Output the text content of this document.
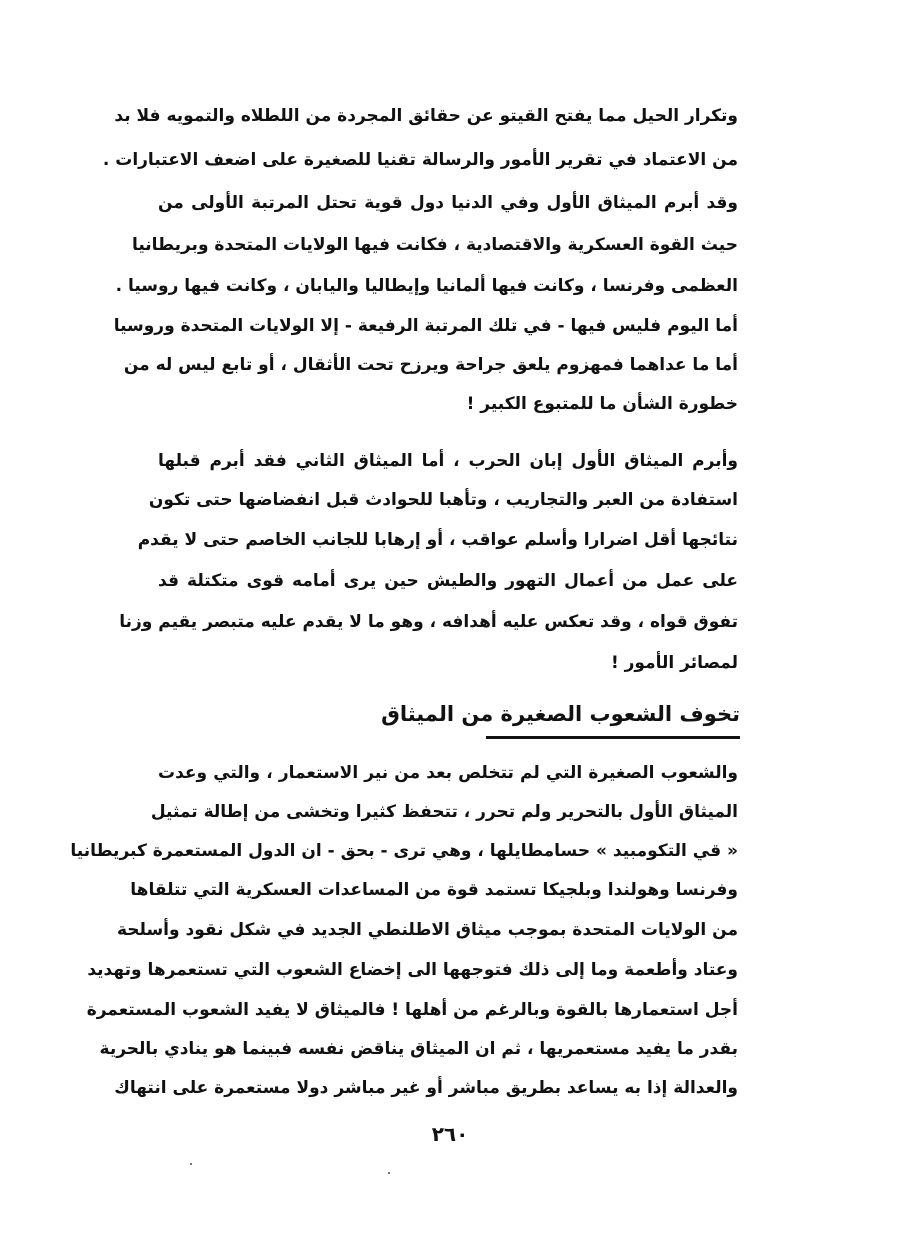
وتكرار الحيل مما يفتح القيتو عن حقائق المجردة من اللطلاه والتمويه فلا بد
من الاعتماد في تقرير الأمور والرسالة تقنيا للصغيرة على اضعف الاعتبارات .
وقد أبرم الميثاق الأول وفي الدنيا دول قوية تحتل المرتبة الأولى من
حيث القوة العسكرية والاقتصادية ، فكانت فيها الولايات المتحدة وبريطانيا
العظمى وفرنسا ، وكانت فيها ألمانيا وإيطاليا واليابان ، وكانت فيها روسيا .
أما اليوم فليس فيها - في تلك المرتبة الرفيعة - إلا الولايات المتحدة وروسيا
أما ما عداهما فمهزوم يلعق جراحة ويرزح تحت الأثقال ، أو تابع ليس له من
خطورة الشأن ما للمتبوع الكبير !
وأبرم الميثاق الأول إبان الحرب ، أما الميثاق الثاني فقد أبرم قبلها
استفادة من العبر والتجاريب ، وتأهبا للحوادث قبل انفضاضها حتى تكون
نتائجها أقل اضرارا وأسلم عواقب ، أو إرهابا للجانب الخاصم حتى لا يقدم
على عمل من أعمال التهور والطيش حين يرى أمامه قوى متكتلة قد
تفوق قواه ، وقد تعكس عليه أهدافه ، وهو ما لا يقدم عليه متبصر يقيم وزنا
لمصائر الأمور !
تخوف الشعوب الصغيرة من الميثاق
والشعوب الصغيرة التي لم تتخلص بعد من نير الاستعمار ، والتي وعدت
الميثاق الأول بالتحرير ولم تحرر ، تتحفظ كثيرا وتخشى من إطالة تمثيل
« قي التكومبيد » حسامطايلها ، وهي ترى - بحق - ان الدول المستعمرة كبريطانيا
وفرنسا وهولندا وبلجيكا تستمد قوة من المساعدات العسكرية التي تتلقاها
من الولايات المتحدة بموجب ميثاق الاطلنطي الجديد في شكل نقود وأسلحة
وعتاد وأطعمة وما إلى ذلك فتوجهها الى إخضاع الشعوب التي تستعمرها وتهديد
أجل استعمارها بالقوة وبالرغم من أهلها ! فالميثاق لا يفيد الشعوب المستعمرة
بقدر ما يفيد مستعمريها ، ثم ان الميثاق يناقض نفسه فبينما هو ينادي بالحرية
والعدالة إذا به يساعد بطريق مباشر أو غير مباشر دولا مستعمرة على انتهاك
٢٦٠
